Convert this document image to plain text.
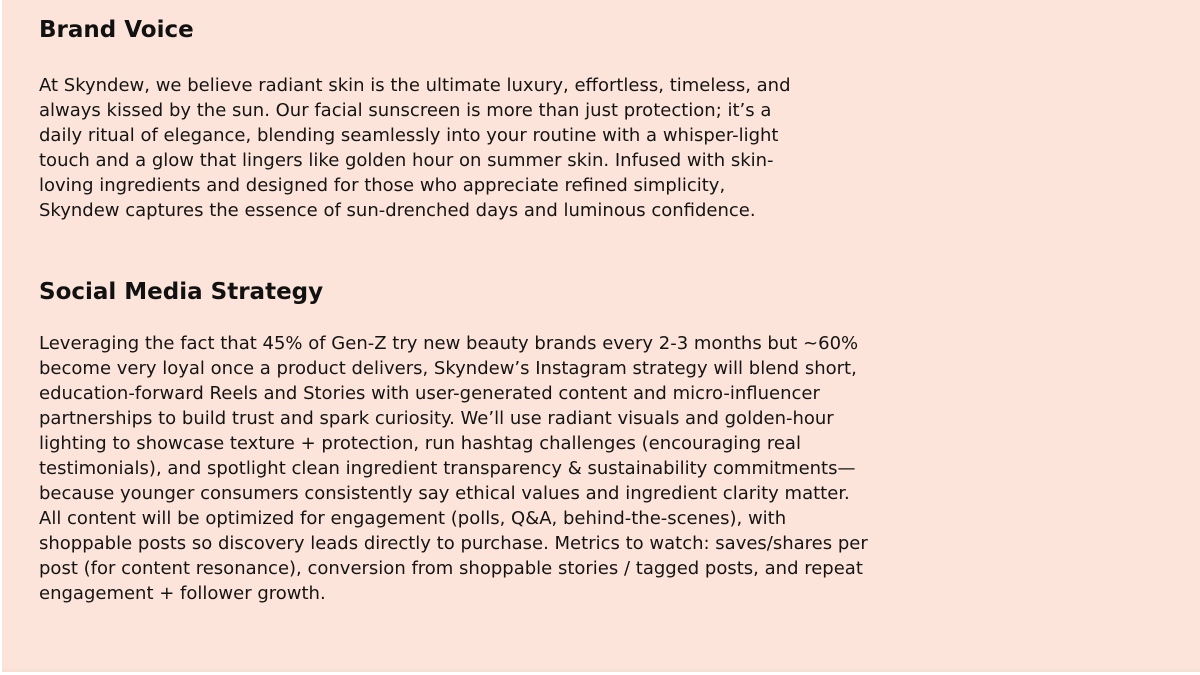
Brand Voice

At Skyndew, we believe radiant skin is the ultimate luxury, effortless, timeless, and
always kissed by the sun. Our facial sunscreen is more than just protection; it’s a
daily ritual of elegance, blending seamlessly into your routine with a whisper-light
touch and a glow that lingers like golden hour on summer skin. Infused with skin-
loving ingredients and designed for those who appreciate refined simplicity,
Skyndew captures the essence of sun-drenched days and luminous confidence.

Social Media Strategy

Leveraging the fact that 45% of Gen-Z try new beauty brands every 2-3 months but ~60%
become very loyal once a product delivers, Skyndew’s Instagram strategy will blend short,
education-forward Reels and Stories with user-generated content and micro-influencer
partnerships to build trust and spark curiosity. We’ll use radiant visuals and golden-hour
lighting to showcase texture + protection, run hashtag challenges (encouraging real
testimonials), and spotlight clean ingredient transparency & sustainability commitments—
because younger consumers consistently say ethical values and ingredient clarity matter.
All content will be optimized for engagement (polls, Q&A, behind-the-scenes), with
shoppable posts so discovery leads directly to purchase. Metrics to watch: saves/shares per
post (for content resonance), conversion from shoppable stories / tagged posts, and repeat
engagement + follower growth.
